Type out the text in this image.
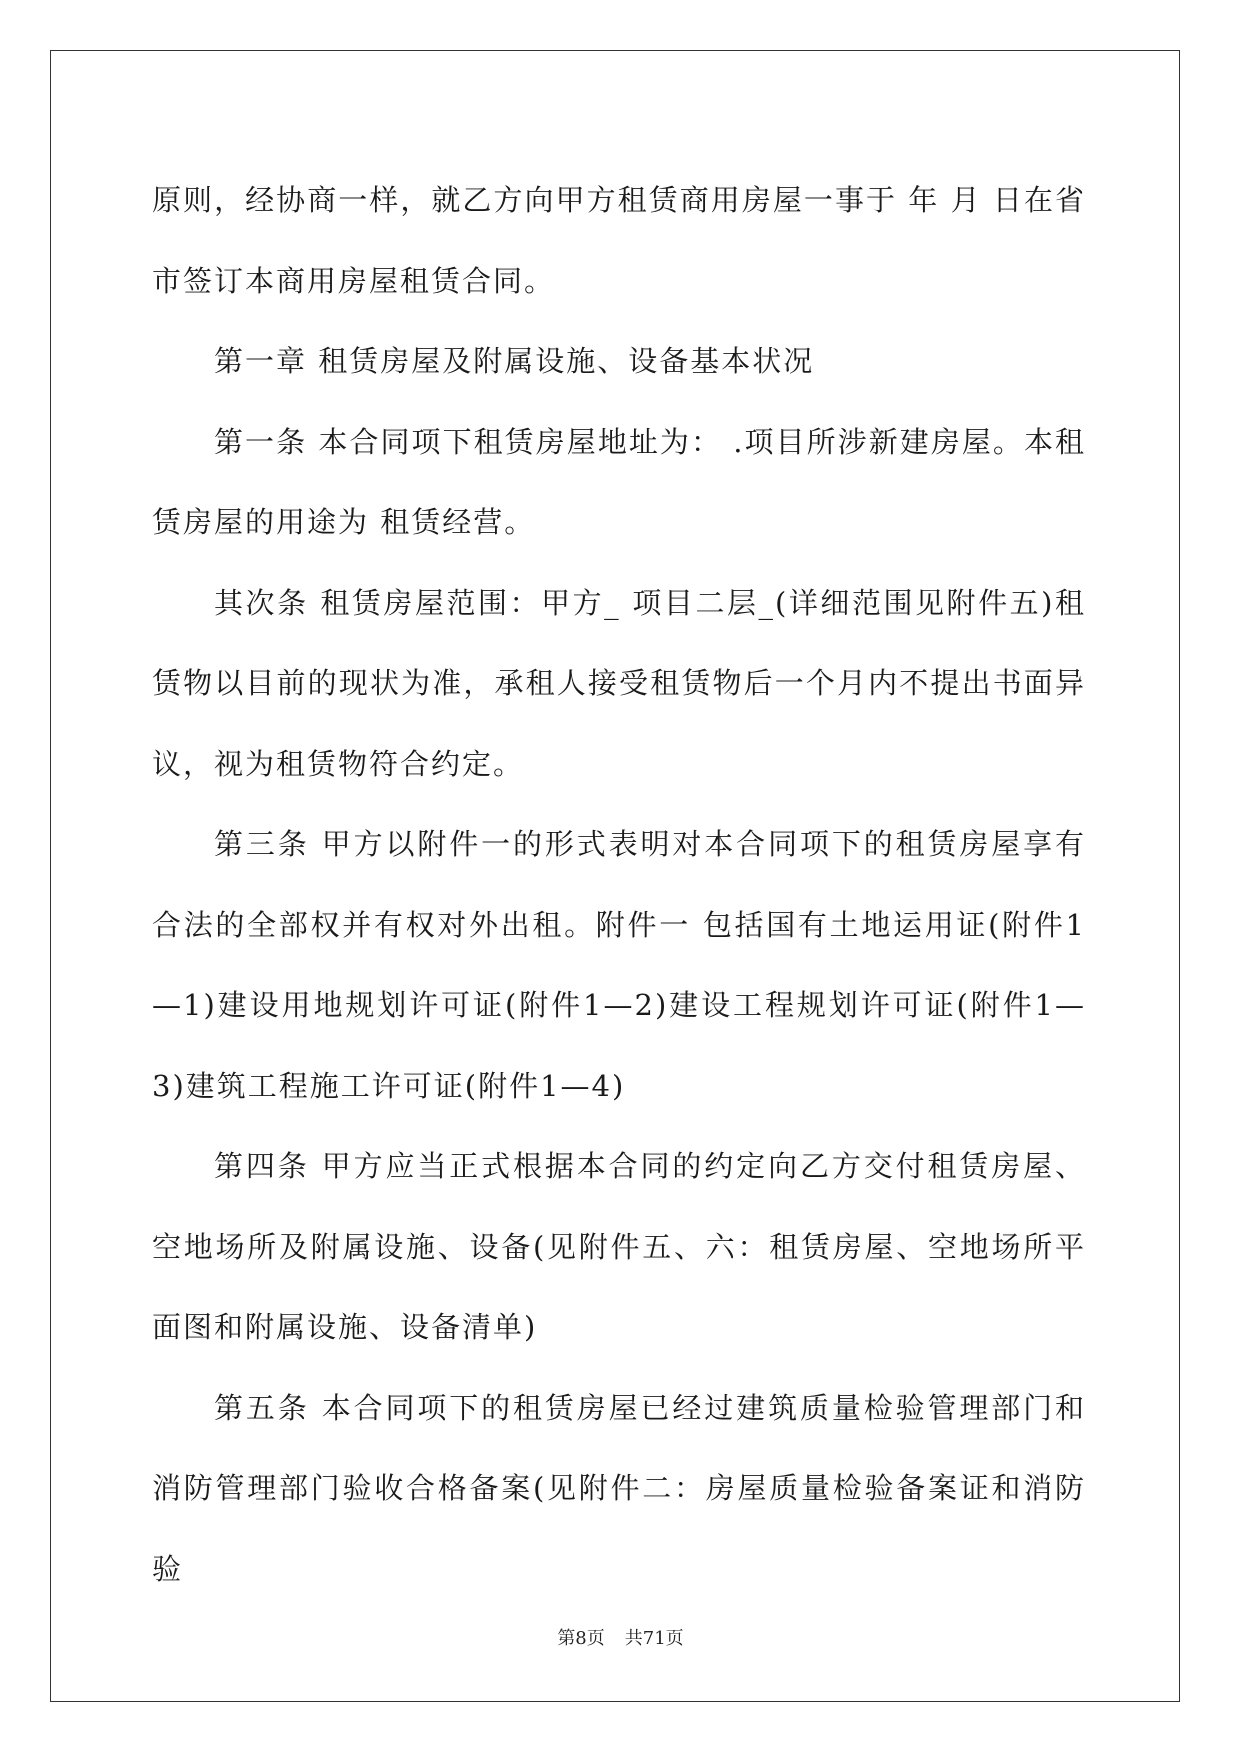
原则，经协商一样，就乙方向甲方租赁商用房屋一事于 年 月 日在省 市签订本商用房屋租赁合同。

第一章 租赁房屋及附属设施、设备基本状况

第一条 本合同项下租赁房屋地址为： .项目所涉新建房屋。本租赁房屋的用途为 租赁经营。

其次条 租赁房屋范围：甲方_ 项目二层_(详细范围见附件五)租赁物以目前的现状为准，承租人接受租赁物后一个月内不提出书面异议，视为租赁物符合约定。

第三条 甲方以附件一的形式表明对本合同项下的租赁房屋享有合法的全部权并有权对外出租。附件一 包括国有土地运用证(附件1—1)建设用地规划许可证(附件1—2)建设工程规划许可证(附件1—3)建筑工程施工许可证(附件1—4)

第四条 甲方应当正式根据本合同的约定向乙方交付租赁房屋、空地场所及附属设施、设备(见附件五、六：租赁房屋、空地场所平面图和附属设施、设备清单)

第五条 本合同项下的租赁房屋已经过建筑质量检验管理部门和消防管理部门验收合格备案(见附件二：房屋质量检验备案证和消防验

第8页 共71页
